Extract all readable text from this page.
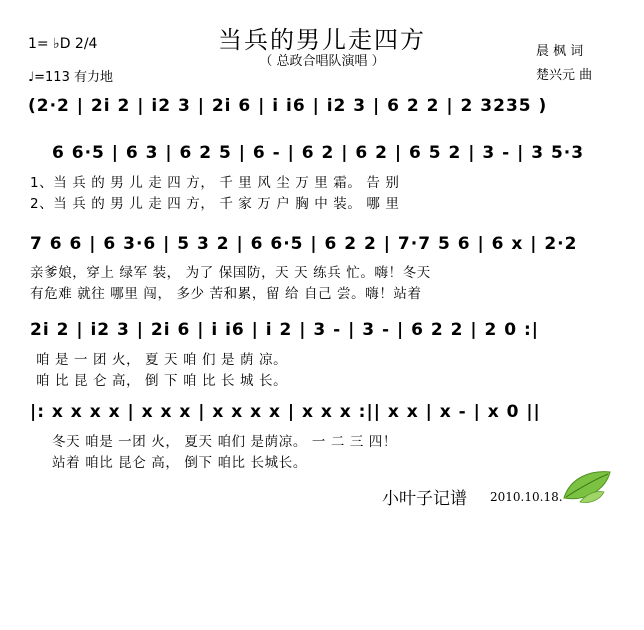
当兵的男儿走四方
（ 总政合唱队演唱 ）
晨 枫 词
楚兴元 曲
1= ♭D 2/4
♩=113 有力地
(2·2 | 2i 2 | i2 3 | 2i 6 | i i6 | i2 3 | 6 2 2 | 2 3235 )
6 6·5 | 6 3 | 6 2 5 | 6 - | 6 2 | 6 2 | 6 5 2 | 3 - | 3 5·3
1、当 兵 的 男 儿 走 四 方， 千 里 风 尘 万 里 霜。 告 别
2、当 兵 的 男 儿 走 四 方， 千 家 万 户 胸 中 装。 哪 里
7 6 6 | 6 3·6 | 5 3 2 | 6 6·5 | 6 2 2 | 7·7 5 6 | 6 x | 2·2
亲爹娘，穿上 绿军 装， 为了 保国防，天 天 练兵 忙。嗨！冬天
有危难 就往 哪里 闯， 多少 苦和累，留 给 自己 尝。嗨！站着
2i 2 | i2 3 | 2i 6 | i i6 | i 2 | 3 - | 3 - | 6 2 2 | 2 0 :|
咱 是 一 团 火， 夏 天 咱 们 是 荫 凉。
咱 比 昆 仑 高， 倒 下 咱 比 长 城 长。
|: x x x x | x x x | x x x x | x x x :|| x x | x - | x 0 ||
冬天 咱是 一团 火， 夏天 咱们 是荫凉。 一 二 三 四！
站着 咱比 昆仑 高， 倒下 咱比 长城长。
小叶子记谱 2010.10.18.
